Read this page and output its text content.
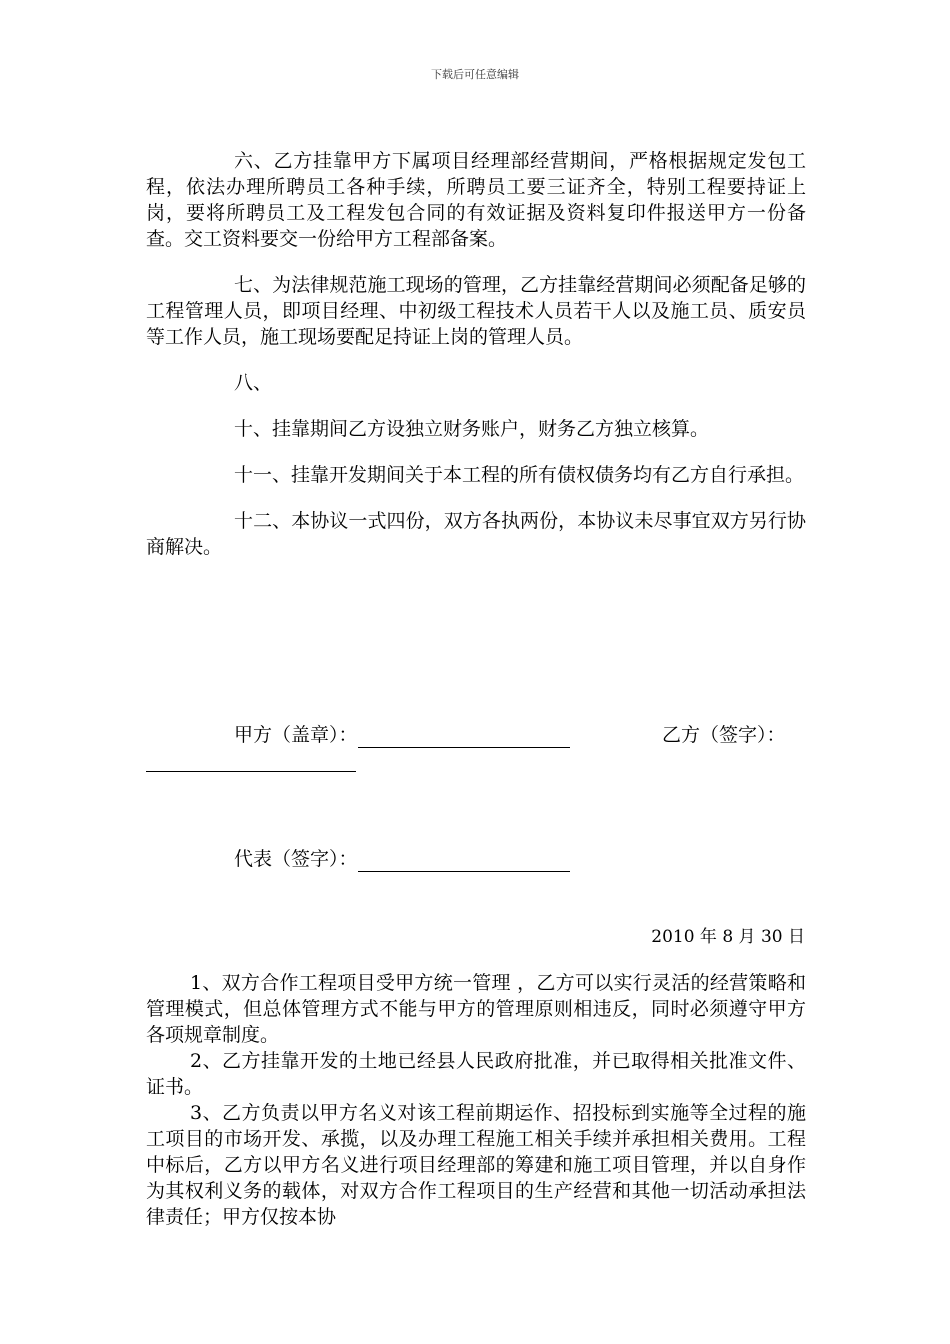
下载后可任意编辑

六、乙方挂靠甲方下属项目经理部经营期间，严格根据规定发包工程，依法办理所聘员工各种手续，所聘员工要三证齐全，特别工程要持证上岗，要将所聘员工及工程发包合同的有效证据及资料复印件报送甲方一份备查。交工资料要交一份给甲方工程部备案。

七、为法律规范施工现场的管理，乙方挂靠经营期间必须配备足够的工程管理人员，即项目经理、中初级工程技术人员若干人以及施工员、质安员等工作人员，施工现场要配足持证上岗的管理人员。

八、

十、挂靠期间乙方设独立财务账户，财务乙方独立核算。

十一、挂靠开发期间关于本工程的所有债权债务均有乙方自行承担。

十二、本协议一式四份，双方各执两份，本协议未尽事宜双方另行协商解决。

甲方（盖章）：	乙方（签字）：
代表（签字）：
2010 年 8 月 30 日

1、双方合作工程项目受甲方统一管理 ，乙方可以实行灵活的经营策略和管理模式，但总体管理方式不能与甲方的管理原则相违反，同时必须遵守甲方各项规章制度。

2、乙方挂靠开发的土地已经县人民政府批准，并已取得相关批准文件、证书。

3、乙方负责以甲方名义对该工程前期运作、招投标到实施等全过程的施工项目的市场开发、承揽，以及办理工程施工相关手续并承担相关费用。工程中标后，乙方以甲方名义进行项目经理部的筹建和施工项目管理，并以自身作为其权利义务的载体，对双方合作工程项目的生产经营和其他一切活动承担法律责任；甲方仅按本协
